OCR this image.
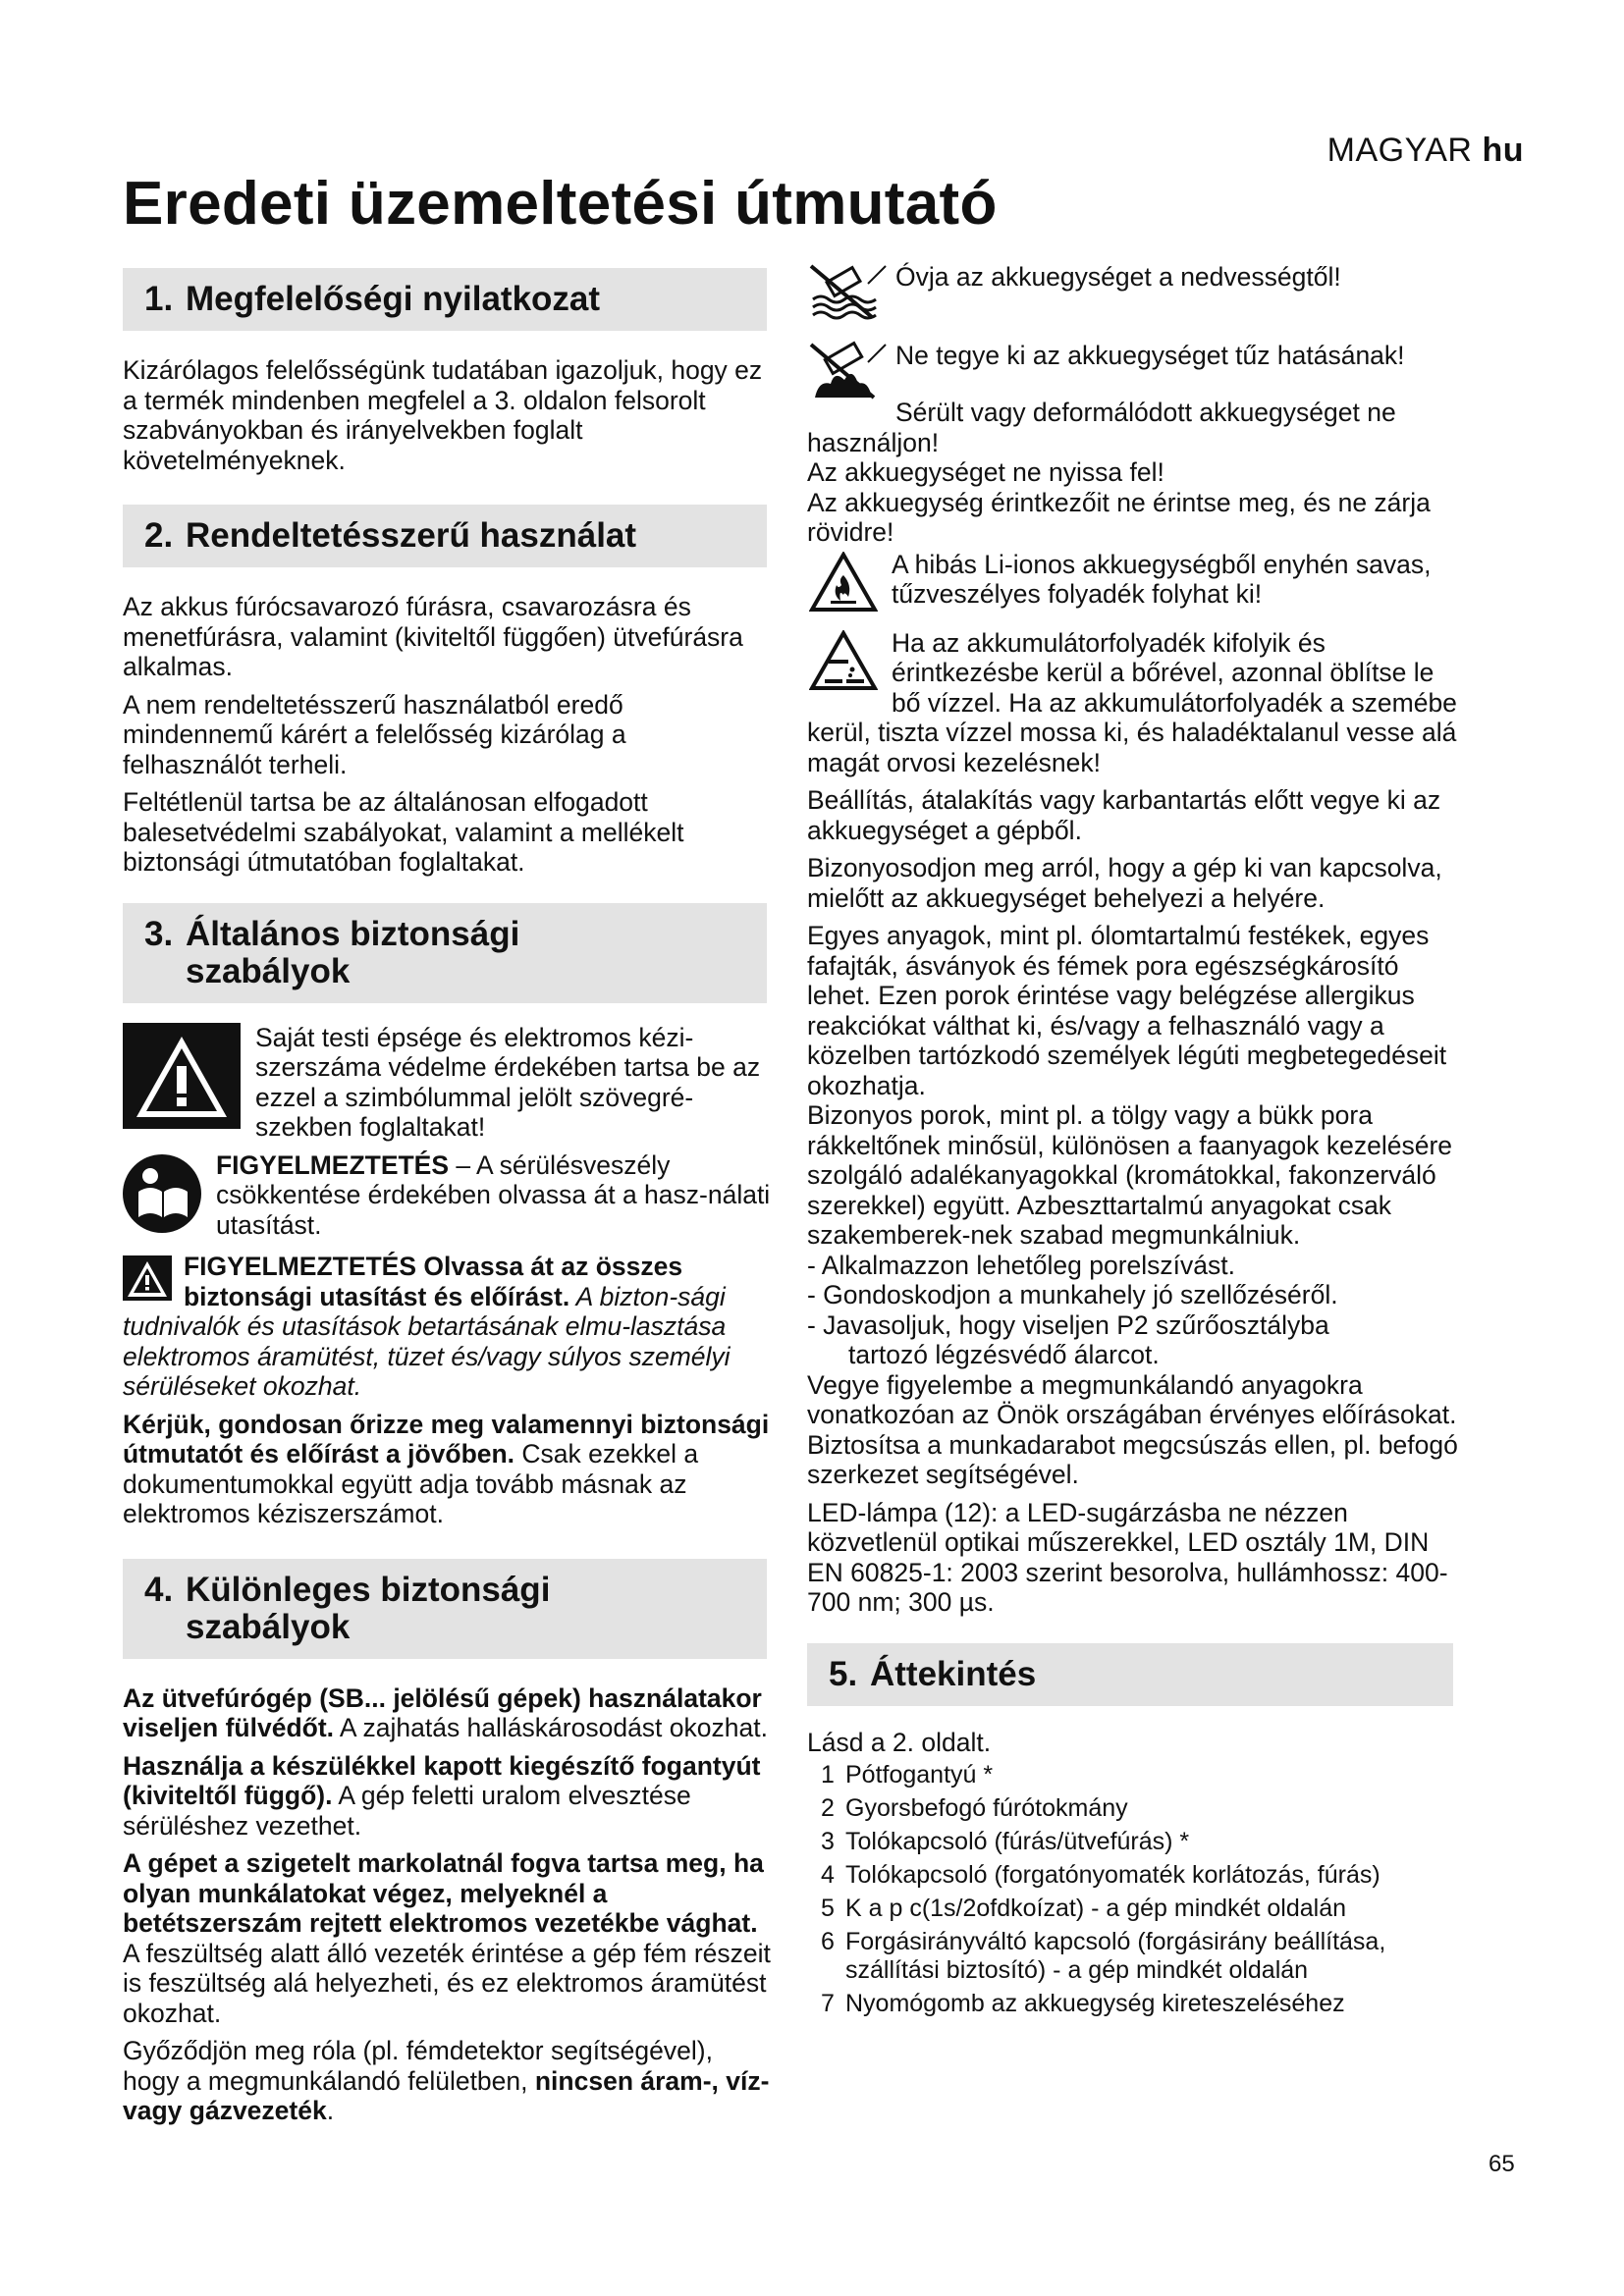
MAGYAR hu
Eredeti üzemeltetési útmutató
1. Megfelelőségi nyilatkozat

Kizárólagos felelősségünk tudatában igazoljuk, hogy ez a termék mindenben megfelel a 3. oldalon felsorolt szabványokban és irányelvekben foglalt követelményeknek.

2. Rendeltetésszerű használat

Az akkus fúrócsavarozó fúrásra, csavarozásra és menetfúrásra, valamint (kiviteltől függően) ütvefúrásra alkalmas.

A nem rendeltetésszerű használatból eredő mindennemű kárért a felelősség kizárólag a felhasználót terheli.

Feltétlenül tartsa be az általánosan elfogadott balesetvédelmi szabályokat, valamint a mellékelt biztonsági útmutatóban foglaltakat.

3. Általános biztonsági
szabályok
Saját testi épsége és elektromos kézi-szerszáma védelme érdekében tartsa be az ezzel a szimbólummal jelölt szövegré-szekben foglaltakat!
FIGYELMEZTETÉS – A sérülésveszély csökkentése érdekében olvassa át a hasz-nálati utasítást.

FIGYELMEZTETÉS Olvassa át az összes biztonsági utasítást és előírást. A bizton-sági tudnivalók és utasítások betartásának elmu-lasztása elektromos áramütést, tüzet és/vagy súlyos személyi sérüléseket okozhat.

Kérjük, gondosan őrizze meg valamennyi biztonsági útmutatót és előírást a jövőben. Csak ezekkel a dokumentumokkal együtt adja tovább másnak az elektromos kéziszerszámot.

4. Különleges biztonsági
szabályok

Az ütvefúrógép (SB... jelölésű gépek) használatakor viseljen fülvédőt. A zajhatás halláskárosodást okozhat.

Használja a készülékkel kapott kiegészítő fogantyút (kiviteltől függő). A gép feletti uralom elvesztése sérüléshez vezethet.

A gépet a szigetelt markolatnál fogva tartsa meg, ha olyan munkálatokat végez, melyeknél a betétszerszám rejtett elektromos vezetékbe vághat. A feszültség alatt álló vezeték érintése a gép fém részeit is feszültség alá helyezheti, és ez elektromos áramütést okozhat.

Győződjön meg róla (pl. fémdetektor segítségével), hogy a megmunkálandó felületben, nincsen áram-, víz- vagy gázvezeték.

Óvja az akkuegységet a nedvességtől!
Ne tegye ki az akkuegységet tűz hatásának!

Sérült vagy deformálódott akkuegységet ne használjon!

Az akkuegységet ne nyissa fel!

Az akkuegység érintkezőit ne érintse meg, és ne zárja rövidre!

A hibás Li-ionos akkuegységből enyhén savas, tűzveszélyes folyadék folyhat ki!

Ha az akkumulátorfolyadék kifolyik és érintkezésbe kerül a bőrével, azonnal öblítse le bő vízzel. Ha az akkumulátorfolyadék a szemébe kerül, tiszta vízzel mossa ki, és haladéktalanul vesse alá magát orvosi kezelésnek!

Beállítás, átalakítás vagy karbantartás előtt vegye ki az akkuegységet a gépből.

Bizonyosodjon meg arról, hogy a gép ki van kapcsolva, mielőtt az akkuegységet behelyezi a helyére.

Egyes anyagok, mint pl. ólomtartalmú festékek, egyes fafajták, ásványok és fémek pora egészségkárosító lehet. Ezen porok érintése vagy belégzése allergikus reakciókat válthat ki, és/vagy a felhasználó vagy a közelben tartózkodó személyek légúti megbetegedéseit okozhatja.

Bizonyos porok, mint pl. a tölgy vagy a bükk pora rákkeltőnek minősül, különösen a faanyagok kezelésére szolgáló adalékanyagokkal (kromátokkal, fakonzerváló szerekkel) együtt. Azbeszttartalmú anyagokat csak szakemberek-nek szabad megmunkálniuk.

- Alkalmazzon lehetőleg porelszívást.
- Gondoskodjon a munkahely jó szellőzéséről.
- Javasoljuk, hogy viseljen P2 szűrőosztályba
tartozó légzésvédő álarcot.

Vegye figyelembe a megmunkálandó anyagokra vonatkozóan az Önök országában érvényes előírásokat.

Biztosítsa a munkadarabot megcsúszás ellen, pl. befogó szerkezet segítségével.

LED-lámpa (12): a LED-sugárzásba ne nézzen közvetlenül optikai műszerekkel, LED osztály 1M, DIN EN 60825-1: 2003 szerint besorolva, hullámhossz: 400-700 nm; 300 µs.

5. Áttekintés

Lásd a 2. oldalt.

1 Pótfogantyú *
2 Gyorsbefogó fúrótokmány
3 Tolókapcsoló (fúrás/ütvefúrás) *
4 Tolókapcsoló (forgatónyomaték korlátozás, fúrás)
5 K a p c(1s/2ofdkoízat) - a gép mindkét oldalán
6 Forgásirányváltó kapcsoló (forgásirány beállítása, szállítási biztosító) - a gép mindkét oldalán
7 Nyomógomb az akkuegység kireteszeléséhez
65
